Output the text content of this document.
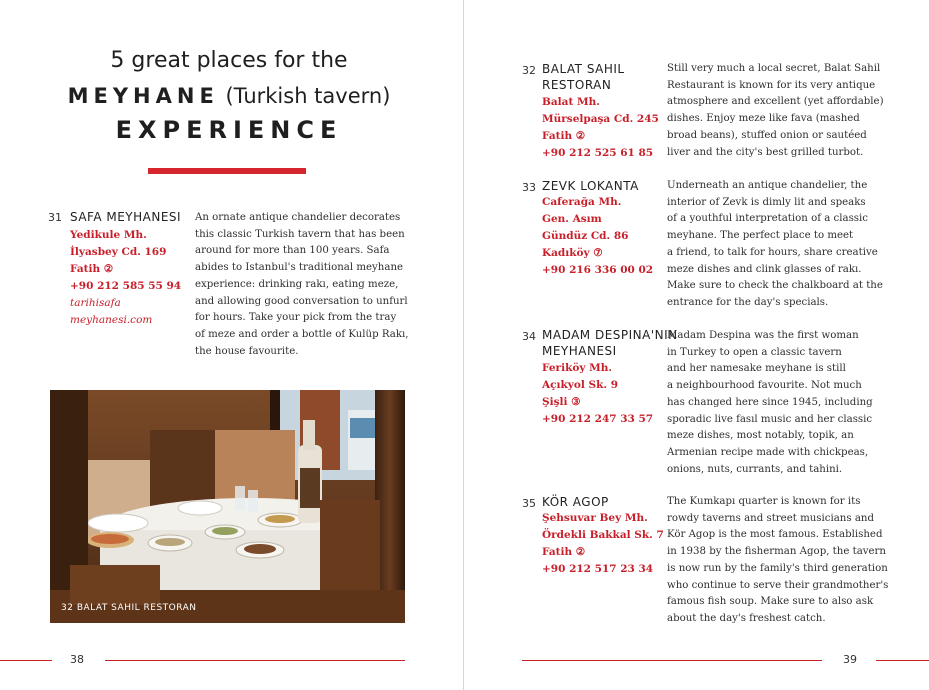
5 great places for the
MEYHANE (Turkish tavern)
EXPERIENCE
31 SAFA MEYHANESI
Yedikule Mh.
İlyasbey Cd. 169
Fatih ②
+90 212 585 55 94
tarihisafa
meyhanesi.com
An ornate antique chandelier decorates
this classic Turkish tavern that has been
around for more than 100 years. Safa
abides to Istanbul's traditional meyhane
experience: drinking rakı, eating meze,
and allowing good conversation to unfurl
for hours. Take your pick from the tray
of meze and order a bottle of Kulüp Rakı,
the house favourite.
32 BALAT SAHIL RESTORAN
32 BALAT SAHIL
RESTORAN
Balat Mh.
Mürselpaşa Cd. 245
Fatih ②
+90 212 525 61 85
Still very much a local secret, Balat Sahil
Restaurant is known for its very antique
atmosphere and excellent (yet affordable)
dishes. Enjoy meze like fava (mashed
broad beans), stuffed onion or sautéed
liver and the city's best grilled turbot.
33 ZEVK LOKANTA
Caferağa Mh.
Gen. Asım
Gündüz Cd. 86
Kadıköy ⑦
+90 216 336 00 02
Underneath an antique chandelier, the
interior of Zevk is dimly lit and speaks
of a youthful interpretation of a classic
meyhane. The perfect place to meet
a friend, to talk for hours, share creative
meze dishes and clink glasses of rakı.
Make sure to check the chalkboard at the
entrance for the day's specials.
34 MADAM DESPINA'NIN
MEYHANESI
Feriköy Mh.
Açıkyol Sk. 9
Şişli ③
+90 212 247 33 57
Madam Despina was the first woman
in Turkey to open a classic tavern
and her namesake meyhane is still
a neighbourhood favourite. Not much
has changed here since 1945, including
sporadic live fasıl music and her classic
meze dishes, most notably, topik, an
Armenian recipe made with chickpeas,
onions, nuts, currants, and tahini.
35 KÖR AGOP
Şehsuvar Bey Mh.
Ördekli Bakkal Sk. 7
Fatih ②
+90 212 517 23 34
The Kumkapı quarter is known for its
rowdy taverns and street musicians and
Kör Agop is the most famous. Established
in 1938 by the fisherman Agop, the tavern
is now run by the family's third generation
who continue to serve their grandmother's
famous fish soup. Make sure to also ask
about the day's freshest catch.
38	39
